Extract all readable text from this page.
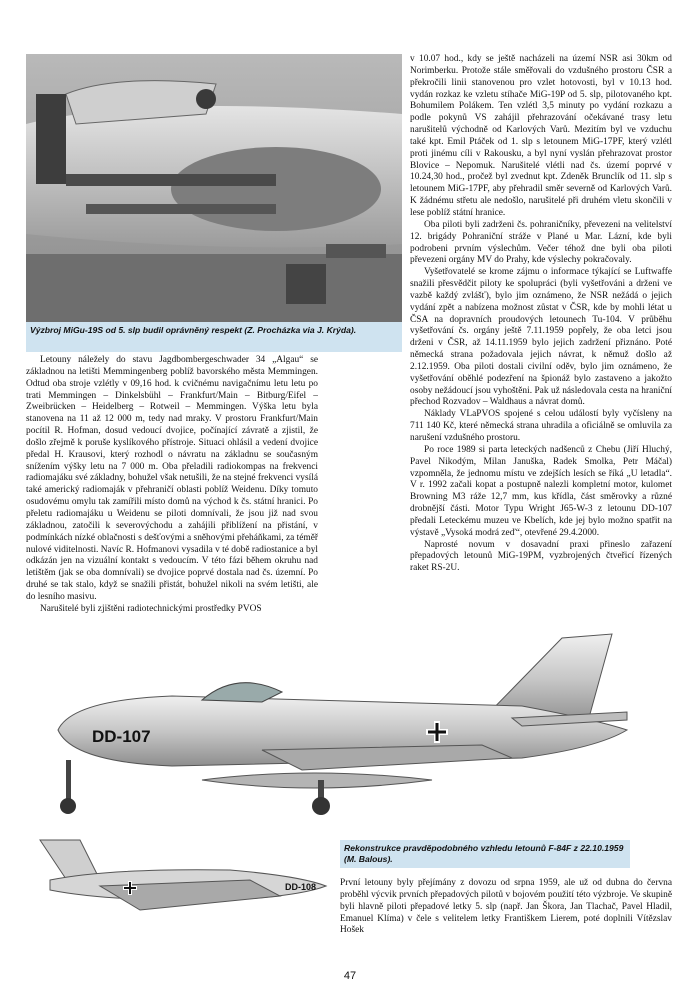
Výzbroj MiGu-19S od 5. slp budil oprávněný respekt (Z. Procházka via J. Krýda).

Letouny náležely do stavu Jagdbombergeschwader 34 „Algau“ se základnou na letišti Memmingenberg poblíž bavorského města Memmingen. Odtud oba stroje vzlétly v 09,16 hod. k cvičnému navigačnímu letu letu po trati Memmingen – Dinkelsbühl – Frankfurt/Main – Bitburg/Eifel – Zweibrücken – Heidelberg – Rotweil – Memmingen. Výška letu byla stanovena na 11 až 12 000 m, tedy nad mraky. V prostoru Frankfurt/Main pocítil R. Hofman, dosud vedoucí dvojice, počínající závratě a zjistil, že došlo zřejmě k poruše kyslíkového přístroje. Situaci ohlásil a vedení dvojice předal H. Krausovi, který rozhodl o návratu na základnu se současným snížením výšky letu na 7 000 m. Oba přeladili radiokompas na frekvenci radiomajáku své základny, bohužel však netušili, že na stejné frekvenci vysílá také americký radiomaják v přehraničí oblasti poblíž Weidenu. Díky tomuto osudovému omylu tak zamířili místo domů na východ k čs. státní hranici. Po přeletu radiomajáku u Weidenu se piloti domnívali, že jsou již nad svou základnou, zatočili k severovýchodu a zahájili přiblížení na přistání, v podmínkách nízké oblačnosti s dešťovými a sněhovými přeháňkami, za téměř nulové viditelnosti. Navíc R. Hofmanovi vysadila v té době radiostanice a byl odkázán jen na vizuální kontakt s vedoucím. V této fázi během okruhu nad letištěm (jak se oba domnívali) se dvojice poprvé dostala nad čs. územní. Po druhé se tak stalo, když se snažili přistát, bohužel nikoli na svém letišti, ale do lesního masivu.

Narušitelé byli zjištěni radiotechnickými prostředky PVOS

v 10.07 hod., kdy se ještě nacházeli na území NSR asi 30km od Norimberku. Protože stále směřovali do vzdušného prostoru ČSR a překročili linii stanovenou pro vzlet hotovosti, byl v 10.13 hod. vydán rozkaz ke vzletu stíhače MiG-19P od 5. slp, pilotovaného kpt. Bohumilem Polákem. Ten vzlétl 3,5 minuty po vydání rozkazu a podle pokynů VS zahájil přehrazování očekávané trasy letu narušitelů východně od Karlových Varů. Mezitím byl ve vzduchu také kpt. Emil Ptáček od 1. slp s letounem MiG-17PF, který vzlétl proti jinému cíli v Rakousku, a byl nyní vyslán přehrazovat prostor Blovice – Nepomuk. Narušitelé vlétli nad čs. území poprvé v 10.24,30 hod., pročež byl zvednut kpt. Zdeněk Brunclík od 11. slp s letounem MiG-17PF, aby přehradil směr severně od Karlových Varů. K žádnému střetu ale nedošlo, narušitelé při druhém vletu skončili v lese poblíž státní hranice.

Oba piloti byli zadrženi čs. pohraničníky, převezeni na velitelství 12. brigády Pohraniční stráže v Plané u Mar. Lázní, kde byli podrobeni prvním výslechům. Večer téhož dne byli oba piloti převezeni orgány MV do Prahy, kde výslechy pokračovaly.

Vyšetřovatelé se krome zájmu o informace týkající se Luftwaffe snažili přesvědčit piloty ke spolupráci (byli vyšetřováni a drženi ve vazbě každý zvlášť), bylo jim oznámeno, že NSR nežádá o jejich vydání zpět a nabízena možnost zůstat v ČSR, kde by mohli létat u ČSA na dopravních proudových letounech Tu-104. V průběhu vyšetřování čs. orgány ještě 7.11.1959 popřely, že oba letci jsou drženi v ČSR, až 14.11.1959 bylo jejich zadržení přiznáno. Poté německá strana požadovala jejich návrat, k němuž došlo až 2.12.1959. Oba piloti dostali civilní oděv, bylo jim oznámeno, že vyšetřování oběhlé podezření na špionáž bylo zastaveno a jakožto osoby nežádoucí jsou vyhoštěni. Pak už následovala cesta na hraniční přechod Rozvadov – Waldhaus a návrat domů.

Náklady VLaPVOS spojené s celou událostí byly vyčísleny na 711 140 Kč, které německá strana uhradila a oficiálně se omluvila za narušení vzdušného prostoru.

Po roce 1989 si parta leteckých nadšenců z Chebu (Jiří Hluchý, Pavel Nikodým, Milan Januška, Radek Smolka, Petr Máčal) vzpomněla, že jednomu místu ve zdejších lesích se říká „U letadla“. V r. 1992 začali kopat a postupně nalezli kompletní motor, kulomet Browning M3 ráže 12,7 mm, kus křídla, část směrovky a různé drobnější části. Motor Typu Wright J65-W-3 z letounu DD-107 předali Leteckému muzeu ve Kbelích, kde jej bylo možno spatřit na výstavě „Vysoká modrá zeď“, otevřené 29.4.2000.

Naprosté novum v dosavadní praxi přineslo zařazení přepadových letounů MiG-19PM, vyzbrojených čtveřicí řízených raket RS-2U.

DD-107
DD-108
Rekonstrukce pravděpodobného vzhledu letounů F-84F z 22.10.1959 (M. Balous).

První letouny byly přejímány z dovozu od srpna 1959, ale už od dubna do června proběhl výcvik prvních přepadových pilotů v bojovém použití této výzbroje. Ve skupině byli hlavně piloti přepadové letky 5. slp (např. Jan Škora, Jan Tlachač, Pavel Hladil, Emanuel Klíma) v čele s velitelem letky Františkem Lierem, poté doplnili Vítězslav Hošek

47
